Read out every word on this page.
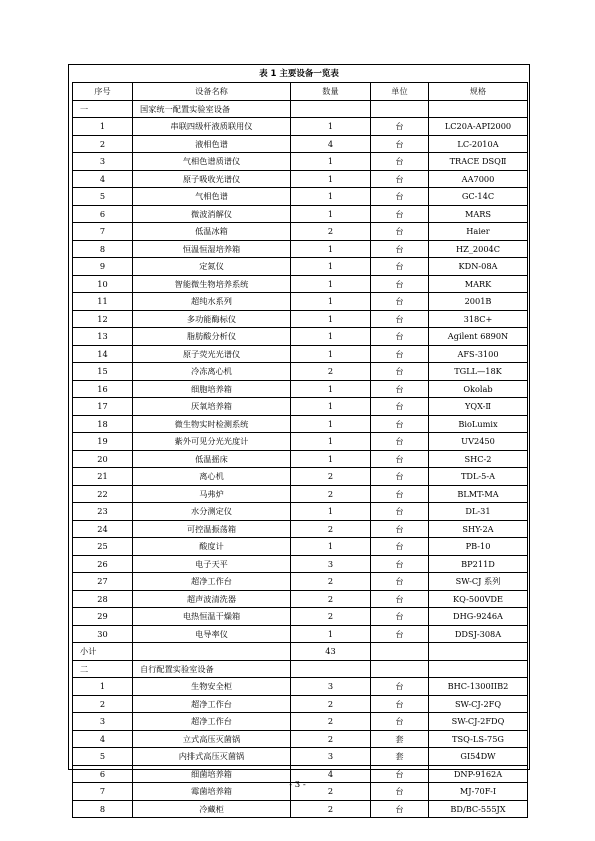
表 1 主要设备一览表
序号	设备名称	数量	单位	规格
一	国家统一配置实验室设备			
1	串联四级杆液质联用仪	1	台	LC20A-API2000
2	液相色谱	4	台	LC-2010A
3	气相色谱质谱仪	1	台	TRACE DSQⅡ
4	原子吸收光谱仪	1	台	AA7000
5	气相色谱	1	台	GC-14C
6	微波消解仪	1	台	MARS
7	低温冰箱	2	台	Haier
8	恒温恒湿培养箱	1	台	HZ_2004C
9	定氮仪	1	台	KDN-08A
10	智能微生物培养系统	1	台	MARK
11	超纯水系列	1	台	2001B
12	多功能酶标仪	1	台	318C+
13	脂肪酸分析仪	1	台	Agilent 6890N
14	原子荧光光谱仪	1	台	AFS-3100
15	冷冻离心机	2	台	TGLL—18K
16	细胞培养箱	1	台	Okolab
17	厌氧培养箱	1	台	YQX-Ⅱ
18	微生物实时检测系统	1	台	BioLumix
19	紫外可见分光光度计	1	台	UV2450
20	低温摇床	1	台	SHC-2
21	离心机	2	台	TDL-5-A
22	马弗炉	2	台	BLMT-MA
23	水分测定仪	1	台	DL-31
24	可控温振荡箱	2	台	SHY-2A
25	酸度计	1	台	PB-10
26	电子天平	3	台	BP211D
27	超净工作台	2	台	SW-CJ 系列
28	超声波清洗器	2	台	KQ-500VDE
29	电热恒温干燥箱	2	台	DHG-9246A
30	电导率仪	1	台	DDSJ-308A
小计		43		
二	自行配置实验室设备			
1	生物安全柜	3	台	BHC-1300IIB2
2	超净工作台	2	台	SW-CJ-2FQ
3	超净工作台	2	台	SW-CJ-2FDQ
4	立式高压灭菌锅	2	套	TSQ-LS-75G
5	内排式高压灭菌锅	3	套	GI54DW
6	细菌培养箱	4	台	DNP-9162A
7	霉菌培养箱	2	台	MJ-70F-I
8	冷藏柜	2	台	BD/BC-555JX
- 3 -
